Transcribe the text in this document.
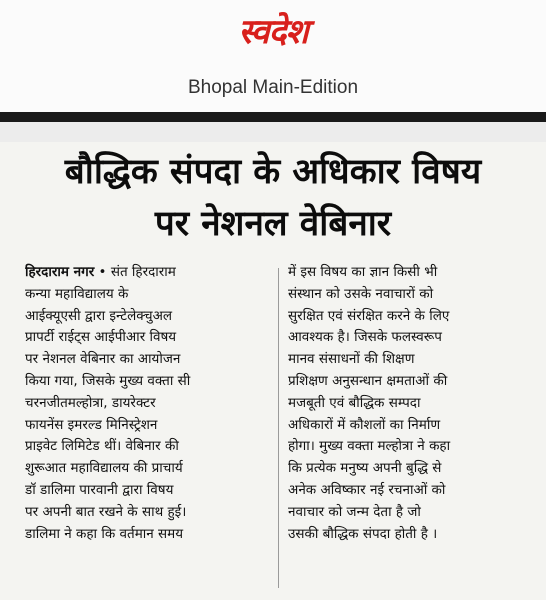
स्वदेश
Bhopal Main-Edition
बौद्धिक संपदा के अधिकार विषय
पर नेशनल वेबिनार
हिरदाराम नगर • संत हिरदाराम
कन्या महाविद्यालय के
आईक्यूएसी द्वारा इन्टेलेक्चुअल
प्रापर्टी राईट्स आईपीआर विषय
पर नेशनल वेबिनार का आयोजन
किया गया, जिसके मुख्य वक्ता सी
चरनजीतमल्होत्रा, डायरेक्टर
फायनेंस इमरल्ड मिनिस्ट्रेशन
प्राइवेट लिमिटेड थीं। वेबिनार की
शुरूआत महाविद्यालय की प्राचार्य
डॉ डालिमा पारवानी द्वारा विषय
पर अपनी बात रखने के साथ हुई।
डालिमा ने कहा कि वर्तमान समय
में इस विषय का ज्ञान किसी भी
संस्थान को उसके नवाचारों को
सुरक्षित एवं संरक्षित करने के लिए
आवश्यक है। जिसके फलस्वरूप
मानव संसाधनों की शिक्षण
प्रशिक्षण अनुसन्धान क्षमताओं की
मजबूती एवं बौद्धिक सम्पदा
अधिकारों में कौशलों का निर्माण
होगा। मुख्य वक्ता मल्होत्रा ने कहा
कि प्रत्येक मनुष्य अपनी बुद्धि से
अनेक अविष्कार नई रचनाओं को
नवाचार को जन्म देता है जो
उसकी बौद्धिक संपदा होती है ।
